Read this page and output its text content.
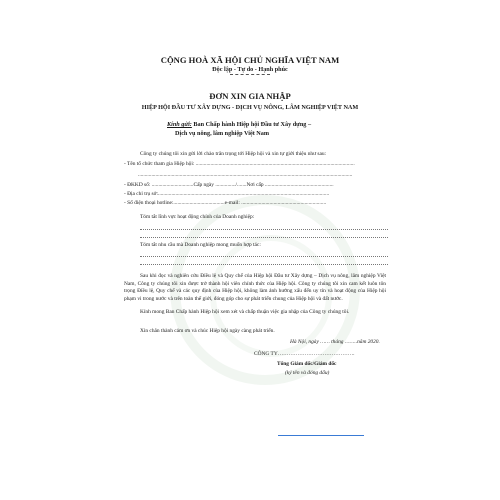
CỘNG HOÀ XÃ HỘI CHỦ NGHĨA VIỆT NAM
Độc lập - Tự do - Hạnh phúc
ĐƠN XIN GIA NHẬP
HIỆP HỘI ĐẦU TƯ XÂY DỰNG - DỊCH VỤ NÔNG, LÂM NGHIỆP VIỆT NAM
Kính gửi: Ban Chấp hành Hiệp hội Đầu tư Xây dựng –
Dịch vụ nông, lâm nghiệp Việt Nam
Công ty chúng tôi xin gửi lời chào trân trọng tới Hiệp hội và xin tự giới thiệu như sau:
- Tên tổ chức tham gia Hiệp hội: ......................................................................................................................
...............................................................................................................................................................
- ĐKKD số: ...............................Cấp ngày .............../.......Nơi cấp ...................................................
- Địa chỉ trụ sở:...............................................................................................................................
- Số điện thoại hotline:......................................e-mail: ...............................................................
Tóm tắt lĩnh vực hoạt động chính của Doanh nghiệp:
Tóm tắt nhu cầu mà Doanh nghiệp mong muốn hợp tác:
Sau khi đọc và nghiên cứu Điều lệ và Quy chế của Hiệp hội Đầu tư Xây dựng – Dịch vụ nông, lâm nghiệp Việt Nam, Công ty chúng tôi xin được trở thành hội viên chính thức của Hiệp hội. Công ty chúng tôi xin cam kết luôn tôn trọng Điều lệ, Quy chế và các quy định của Hiệp hội, không làm ảnh hưởng xấu đến uy tín và hoạt động của Hiệp hội phạm vi trong nước và trên toàn thế giới, đóng góp cho sự phát triển chung của Hiệp hội và đất nước.
Kính mong Ban Chấp hành Hiệp hội xem xét và chấp thuận việc gia nhập của Công ty chúng tôi.
Xin chân thành cảm ơn và chúc Hiệp hội ngày càng phát triển.
Hà Nội, ngày …… tháng ……..năm 2020.
CÔNG TY…………………………………….
Tổng Giám đốc/Giám đốc
(ký tên và đóng dấu)
